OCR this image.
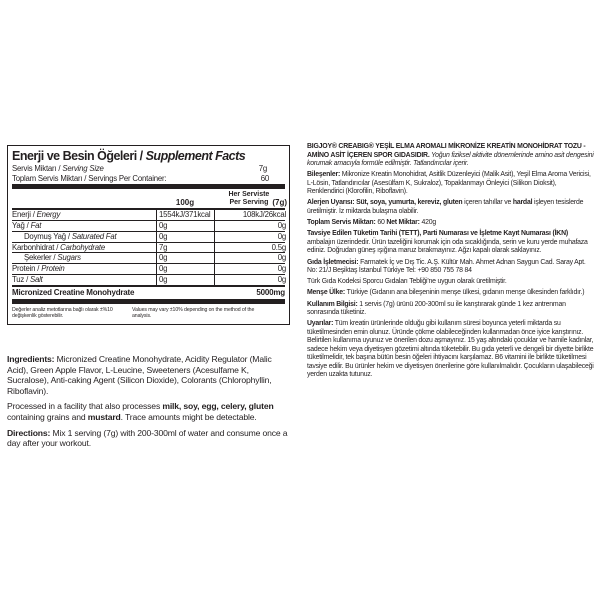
Enerji ve Besin Öğeleri / Supplement Facts
Servis Miktarı / Serving Size	7g
Toplam Servis Miktarı / Servings Per Container:	60
100g
Her Serviste
Per Serving (7g)
Enerji / Energy	1554kJ/371kcal	108kJ/26kcal
Yağ / Fat	0g	0g
Doymuş Yağ / Saturated Fat	0g	0g
Karbonhidrat / Carbohydrate	7g	0.5g
Şekerler / Sugars	0g	0g
Protein / Protein	0g	0g
Tuz / Salt	0g	0g
Micronized Creatine Monohydrate	5000mg
Değerler analiz metotlarına bağlı olarak ±%10 değişkenlik gösterebilir.
Values may vary ±10% depending on the method of the analysis.

Ingredients: Micronized Creatine Monohydrate, Acidity Regulator (Malic Acid), Green Apple Flavor, L-Leucine, Sweeteners (Acesulfame K, Sucralose), Anti-caking Agent (Silicon Dioxide), Colorants (Chlorophyllin, Riboflavin).

Processed in a facility that also processes milk, soy, egg, celery, gluten containing grains and mustard. Trace amounts might be detectable.

Directions: Mix 1 serving (7g) with 200-300ml of water and consume once a day after your workout.

BIGJOY® CREABIG® YEŞİL ELMA AROMALI MİKRONİZE KREATİN MONOHİDRAT TOZU - AMİNO ASİT İÇEREN SPOR GIDASIDIR. Yoğun fiziksel aktivite dönemlerinde amino asit dengesini korumak amacıyla formüle edilmiştir. Tatlandırıcılar içerir.

Bileşenler: Mikronize Kreatin Monohidrat, Asitlik Düzenleyici (Malik Asit), Yeşil Elma Aroma Vericisi, L-Lösin, Tatlandırıcılar (Asesülfam K, Sukraloz), Topaklanmayı Önleyici (Silikon Dioksit), Renklendirici (Klorofilin, Riboflavin).

Alerjen Uyarısı: Süt, soya, yumurta, kereviz, gluten içeren tahıllar ve hardal işleyen tesislerde üretilmiştir. İz miktarda bulaşma olabilir.

Toplam Servis Miktarı: 60 Net Miktar: 420g

Tavsiye Edilen Tüketim Tarihi (TETT), Parti Numarası ve İşletme Kayıt Numarası (İKN) ambalajın üzerindedir. Ürün tazeliğini korumak için oda sıcaklığında, serin ve kuru yerde muhafaza ediniz. Doğrudan güneş ışığına maruz bırakmayınız. Ağzı kapalı olarak saklayınız.

Gıda İşletmecisi: Farmatek İç ve Dış Tic. A.Ş. Kültür Mah. Ahmet Adnan Saygun Cad. Saray Apt. No: 21/J Beşiktaş İstanbul Türkiye Tel: +90 850 755 78 84

Türk Gıda Kodeksi Sporcu Gıdaları Tebliği'ne uygun olarak üretilmiştir.

Menşe Ülke: Türkiye (Gıdanın ana bileşeninin menşe ülkesi, gıdanın menşe ülkesinden farklıdır.)

Kullanım Bilgisi: 1 servis (7g) ürünü 200-300ml su ile karıştırarak günde 1 kez antrenman sonrasında tüketiniz.

Uyarılar: Tüm kreatin ürünlerinde olduğu gibi kullanım süresi boyunca yeterli miktarda su tüketilmesinden emin olunuz. Üründe çökme olabileceğinden kullanmadan önce iyice karıştırınız. Belirtilen kullanıma uyunuz ve önerilen dozu aşmayınız. 15 yaş altındaki çocuklar ve hamile kadınlar, sadece hekim veya diyetisyen gözetimi altında tüketebilir. Bu gıda yeterli ve dengeli bir diyette birlikte tüketilmelidir, tek başına bütün besin öğeleri ihtiyacını karşılamaz. B6 vitamini ile birlikte tüketilmesi tavsiye edilir. Bu ürünler hekim ve diyetisyen önerilerine göre kullanılmalıdır. Çocukların ulaşabileceği yerden uzakta tutunuz.
